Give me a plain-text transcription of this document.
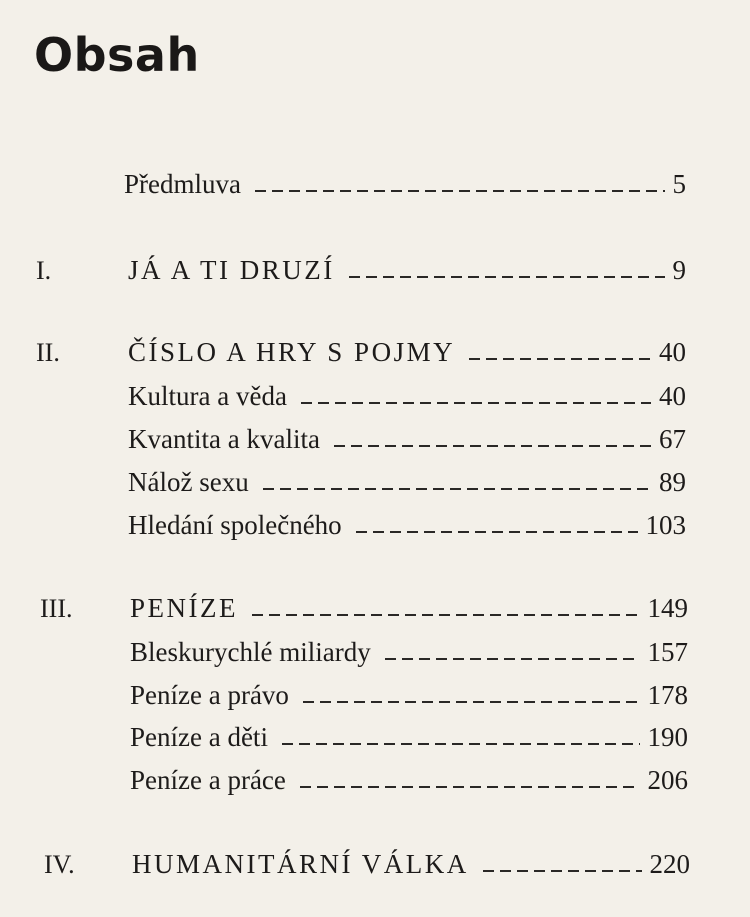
Obsah
Předmluva	5
I.	JÁ A TI DRUZÍ	9
II.	ČÍSLO A HRY S POJMY	40
Kultura a věda	40
Kvantita a kvalita	67
Nálož sexu	89
Hledání společného	103
III. PENÍZE	149
Bleskurychlé miliardy	157
Peníze a právo	178
Peníze a děti	190
Peníze a práce	206
IV. HUMANITÁRNÍ VÁLKA	220
